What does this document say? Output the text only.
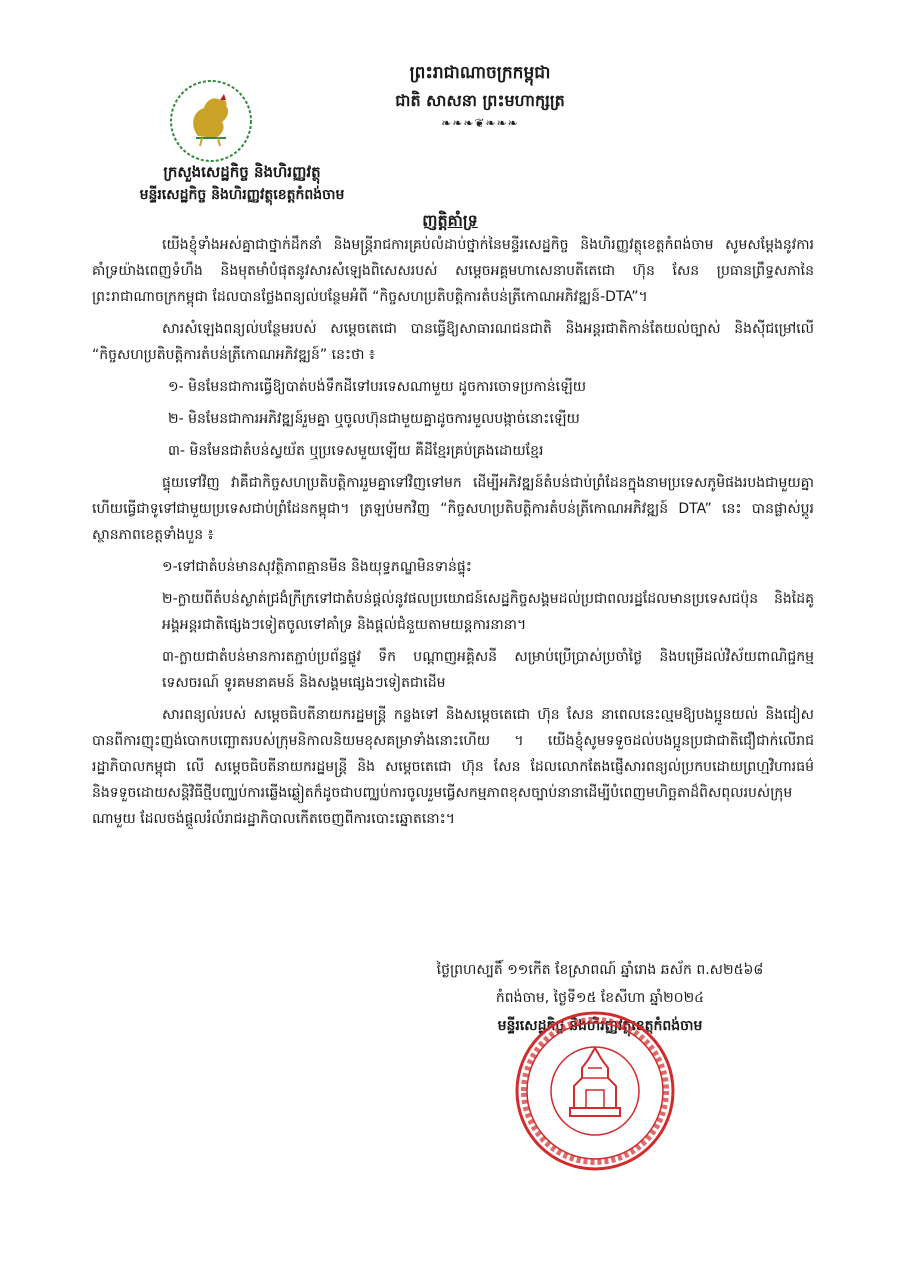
ព្រះរាជាណាចក្រកម្ពុជា
ជាតិ សាសនា ព្រះមហាក្សត្រ
❧❧❧❦❧❧❧
ក្រសួងសេដ្ឋកិច្ច និងហិរញ្ញវត្ថុ
មន្ទីរសេដ្ឋកិច្ច និងហិរញ្ញវត្ថុខេត្តកំពង់ចាម
ញត្តិគាំទ្រ

យើងខ្ញុំទាំងអស់គ្នាជាថ្នាក់ដឹកនាំ និងមន្ត្រីរាជការគ្រប់លំដាប់ថ្នាក់នៃមន្ទីរសេដ្ឋកិច្ច និងហិរញ្ញវត្ថុខេត្តកំពង់ចាម សូមសម្ដែងនូវការគាំទ្រយ៉ាងពេញទំហឹង និងមុតមាំបំផុតនូវសារសំឡេងពិសេសរបស់ សម្ដេចអគ្គមហាសេនាបតីតេជោ ហ៊ុន សែន ប្រធានព្រឹទ្ធសភានៃព្រះរាជាណាចក្រកម្ពុជា ដែលបានថ្លែងពន្យល់បន្ថែមអំពី “កិច្ចសហប្រតិបត្តិការតំបន់ត្រីកោណអភិវឌ្ឍន៍-DTA”។

សារសំឡេងពន្យល់បន្ថែមរបស់ សម្ដេចតេជោ បានធ្វើឱ្យសាធារណជនជាតិ និងអន្តរជាតិកាន់តែយល់ច្បាស់ និងស៊ីជម្រៅលើ “កិច្ចសហប្រតិបត្តិការតំបន់ត្រីកោណអភិវឌ្ឍន៍” នេះថា ៖

១- មិនមែនជាការធ្វើឱ្យបាត់បង់ទឹកដីទៅបរទេសណាមួយ ដូចការចោទប្រកាន់ឡើយ

២- មិនមែនជាការអភិវឌ្ឍន៍រួមគ្នា ឬចូលហ៊ុនជាមួយគ្នាដូចការមួលបង្កាច់នោះឡើយ

៣- មិនមែនជាតំបន់ស្វយ័ត ឬប្រទេសមួយឡើយ គឺដីខ្មែរគ្រប់គ្រងដោយខ្មែរ

ផ្ទុយទៅវិញ វាគឺជាកិច្ចសហប្រតិបត្តិការរួមគ្នាទៅវិញទៅមក ដើម្បីអភិវឌ្ឍន៍តំបន់ជាប់ព្រំដែនក្នុងនាមប្រទេសភូមិផងរបងជាមួយគ្នា ហើយធ្វើជាទូទៅជាមួយប្រទេសជាប់ព្រំដែនកម្ពុជា។ ត្រឡប់មកវិញ “កិច្ចសហប្រតិបត្តិការតំបន់ត្រីកោណអភិវឌ្ឍន៍ DTA” នេះ បានផ្លាស់ប្ដូរស្ថានភាពខេត្តទាំងបួន ៖

១-ទៅជាតំបន់មានសុវត្ថិភាពគ្មានមីន និងយុទ្ធភណ្ឌមិនទាន់ផ្ទុះ

២-ក្លាយពីតំបន់ស្ងាត់ជ្រងំក្រីក្រទៅជាតំបន់ផ្ដល់នូវផលប្រយោជន៍សេដ្ឋកិច្ចសង្គមដល់ប្រជាពលរដ្ឋដែលមានប្រទេសជប៉ុន និងដៃគូអង្គអន្តរជាតិផ្សេងៗទៀតចូលទៅគាំទ្រ និងផ្ដល់ជំនួយតាមយន្តការនានា។

៣-ក្លាយជាតំបន់មានការតភ្ជាប់ប្រព័ន្ធផ្លូវ ទឹក បណ្ដាញអគ្គិសនី សម្រាប់ប្រើប្រាស់ប្រចាំថ្ងៃ និងបម្រើដល់វិស័យពាណិជ្ជកម្ម ទេសចរណ៍ ទូរគមនាគមន៍ និងសង្គមផ្សេងៗទៀតជាដើម

សារពន្យល់របស់ សម្ដេចធិបតីនាយករដ្ឋមន្ត្រី កន្លងទៅ និងសម្ដេចតេជោ ហ៊ុន សែន នាពេលនេះល្មមឱ្យបងប្អូនយល់ និងជៀសបានពីការញុះញង់បោកបញ្ឆោតរបស់ក្រុមនិកាលនិយមខុសគម្រាទាំងនោះហើយ ។ យើងខ្ញុំសូមទទួចដល់បងប្អូនប្រជាជាតិជឿជាក់លើរាជរដ្ឋាភិបាលកម្ពុជា លើ សម្ដេចធិបតីនាយករដ្ឋមន្ត្រី និង សម្ដេចតេជោ ហ៊ុន សែន ដែលលោកតែងផ្ញើសារពន្យល់ប្រកបដោយព្រហ្មវិហារធម៌ និងទទួចដោយសន្តិវិធីថ្មីបញ្ឈប់ការឆ្លើងឆ្លៀតក៏ដូចជាបញ្ឈប់ការចូលរួមធ្វើសកម្មភាពខុសច្បាប់នានាដើម្បីបំពេញមហិច្ឆតាដ៏ពិសពុលរបស់ក្រុមណាមួយ ដែលចង់ផ្ដួលរំលំរាជរដ្ឋាភិបាលកើតចេញពីការបោះឆ្នោតនោះ។

ថ្ងៃព្រហស្បតិ៍ ១១កើត ខែស្រាពណ៍ ឆ្នាំរោង ឆស័ក ព.ស២៥៦៨
កំពង់ចាម, ថ្ងៃទី១៥ ខែសីហា ឆ្នាំ២០២៤
មន្ទីរសេដ្ឋកិច្ច និងហិរញ្ញវត្ថុខេត្តកំពង់ចាម
